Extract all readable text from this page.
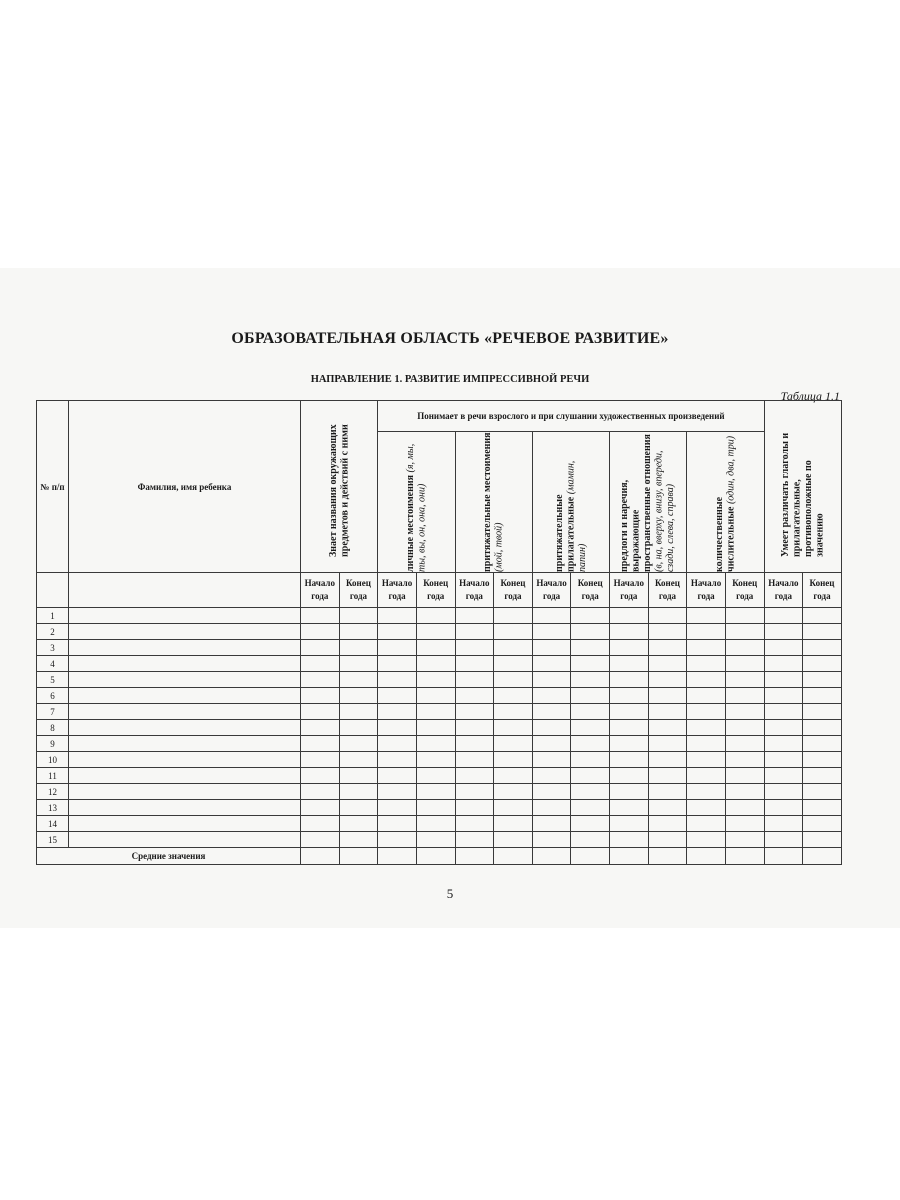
ОБРАЗОВАТЕЛЬНАЯ ОБЛАСТЬ «РЕЧЕВОЕ РАЗВИТИЕ»
НАПРАВЛЕНИЕ 1. РАЗВИТИЕ ИМПРЕССИВНОЙ РЕЧИ
Таблица 1.1
№ п/п	Фамилия, имя ребенка	Знает названия окружающих предметов и действий с ними		Понимает в речи взрослого и при слушании художественных произведений										Умеет различать глаголы и прилагательные, противоположные по значению	

				личные местоимения (я, мы, ты, вы, он, она, они)		притяжательные местоимения (мой, твой)		притяжательные прилагательные (мамин, папин)		предлоги и наречия, выражающие пространственные отношения (в, на, вверху, внизу, впереди, сзади, слева, справа)		количественные числительные (один, два, три)			

		Начало года	Конец года	Начало года	Конец года	Начало года	Конец года	Начало года	Конец года	Начало года	Конец года	Начало года	Конец года	Начало года	Конец года
1															
2															
3															
4															
5															
6															
7															
8															
9															
10															
11															
12															
13															
14															
15															
Средние значения															
5
